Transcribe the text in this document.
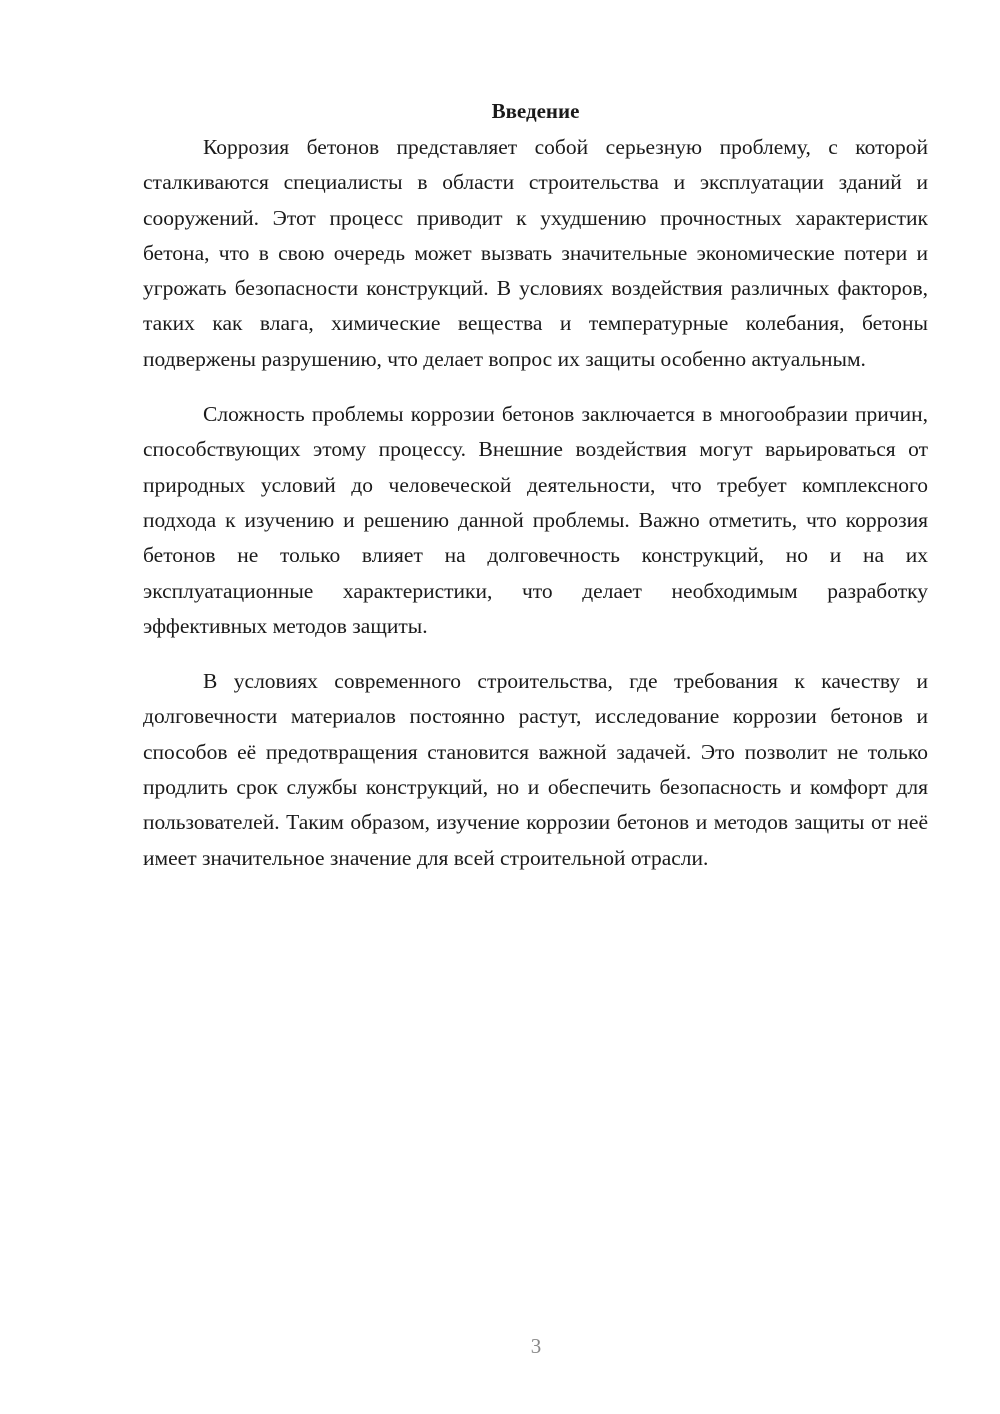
Введение

Коррозия бетонов представляет собой серьезную проблему, с которой сталкиваются специалисты в области строительства и эксплуатации зданий и сооружений. Этот процесс приводит к ухудшению прочностных характеристик бетона, что в свою очередь может вызвать значительные экономические потери и угрожать безопасности конструкций. В условиях воздействия различных факторов, таких как влага, химические вещества и температурные колебания, бетоны подвержены разрушению, что делает вопрос их защиты особенно актуальным.

Сложность проблемы коррозии бетонов заключается в многообразии причин, способствующих этому процессу. Внешние воздействия могут варьироваться от природных условий до человеческой деятельности, что требует комплексного подхода к изучению и решению данной проблемы. Важно отметить, что коррозия бетонов не только влияет на долговечность конструкций, но и на их эксплуатационные характеристики, что делает необходимым разработку эффективных методов защиты.

В условиях современного строительства, где требования к качеству и долговечности материалов постоянно растут, исследование коррозии бетонов и способов её предотвращения становится важной задачей. Это позволит не только продлить срок службы конструкций, но и обеспечить безопасность и комфорт для пользователей. Таким образом, изучение коррозии бетонов и методов защиты от неё имеет значительное значение для всей строительной отрасли.

3
